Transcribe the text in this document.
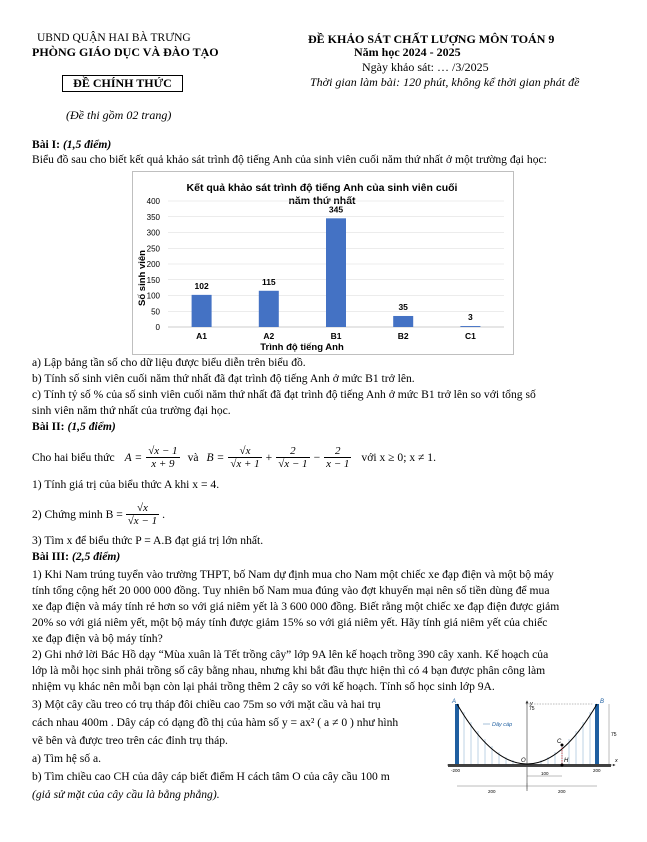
UBND QUẬN HAI BÀ TRƯNG
PHÒNG GIÁO DỤC VÀ ĐÀO TẠO
ĐỀ CHÍNH THỨC
(Đề thi gồm 02 trang)
ĐỀ KHẢO SÁT CHẤT LƯỢNG MÔN TOÁN 9
Năm học 2024 - 2025
Ngày khảo sát: … /3/2025
Thời gian làm bài: 120 phút, không kể thời gian phát đề
Bài I: (1,5 điểm)
Biểu đồ sau cho biết kết quả khảo sát trình độ tiếng Anh của sinh viên cuối năm thứ nhất ở một trường đại học:
Kết quả khảo sát trình độ tiếng Anh của sinh viên cuối
năm thứ nhất
Số sinh viên
Trình độ tiếng Anh
0
50
100
150
200
250
300
350
400
102	115
345
35
3
A1	A2	B1	B2	C1
a) Lập bảng tần số cho dữ liệu được biểu diễn trên biểu đồ.
b) Tính số sinh viên cuối năm thứ nhất đã đạt trình độ tiếng Anh ở mức B1 trở lên.
c) Tính tỷ số % của số sinh viên cuối năm thứ nhất đã đạt trình độ tiếng Anh ở mức B1 trở lên so với tổng số
sinh viên năm thứ nhất của trường đại học.
Bài II: (1,5 điểm)
Cho hai biểu thức $A = \frac{√x - 1}{x + 9}$ và $B = \frac{√x}{√x + 1} + \frac{2}{√x - 1} - \frac{2}{x - 1}$ với x ≥ 0; x ≠ 1.
1) Tính giá trị của biểu thức A khi x = 4.
2) Chứng minh $B = \frac{√x}{√x - 1}$ .
3) Tìm x để biểu thức P = A.B đạt giá trị lớn nhất.
Bài III: (2,5 điểm)
1) Khi Nam trúng tuyển vào trường THPT, bố Nam dự định mua cho Nam một chiếc xe đạp điện và một bộ máy
tính tổng cộng hết 20 000 000 đồng. Tuy nhiên bố Nam mua đúng vào đợt khuyến mại nên số tiền dùng để mua
xe đạp điện và máy tính rẻ hơn so với giá niêm yết là 3 600 000 đồng. Biết rằng một chiếc xe đạp điện được giảm
20% so với giá niêm yết, một bộ máy tính được giảm 15% so với giá niêm yết. Hãy tính giá niêm yết của chiếc
xe đạp điện và bộ máy tính?
2) Ghi nhớ lời Bác Hồ dạy “Mùa xuân là Tết trồng cây” lớp 9A lên kế hoạch trồng 390 cây xanh. Kế hoạch của
lớp là mỗi học sinh phải trồng số cây bằng nhau, nhưng khi bắt đầu thực hiện thì có 4 bạn được phân công làm
nhiệm vụ khác nên mỗi bạn còn lại phải trồng thêm 2 cây so với kế hoạch. Tính số học sinh lớp 9A.
3) Một cây cầu treo có trụ tháp đôi chiều cao 75m so với mặt cầu và hai trụ
cách nhau 400m . Dây cáp có dạng đồ thị của hàm số y = ax² ( a ≠ 0 ) như hình
vẽ bên và được treo trên các đỉnh trụ tháp.
a) Tìm hệ số a.
b) Tìm chiều cao CH của dây cáp biết điểm H cách tâm O của cây cầu 100 m
(giả sử mặt của cây cầu là bằng phẳng).
y
x
A	B
C
H
O
Dây cáp
75
75
-200	200
100
200	200
